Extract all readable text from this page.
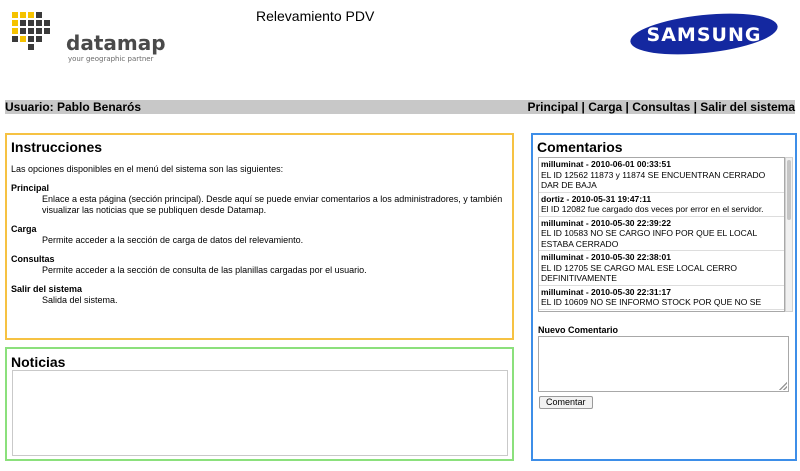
datamap
your geographic partner
Relevamiento PDV
SAMSUNG
Usuario: Pablo Benarós	Principal | Carga | Consultas | Salir del sistema
Instrucciones

Las opciones disponibles en el menú del sistema son las siguientes:

Principal
Enlace a esta página (sección principal). Desde aquí se puede enviar comentarios a los administradores, y también visualizar las noticias que se publiquen desde Datamap.
Carga
Permite acceder a la sección de carga de datos del relevamiento.
Consultas
Permite acceder a la sección de consulta de las planillas cargadas por el usuario.
Salir del sistema
Salida del sistema.
Noticias
Comentarios
milluminat - 2010-06-01 00:33:51
EL ID 12562 11873 y 11874 SE ENCUENTRAN CERRADO DAR DE BAJA
dortiz - 2010-05-31 19:47:11
El ID 12082 fue cargado dos veces por error en el servidor.
milluminat - 2010-05-30 22:39:22
EL ID 10583 NO SE CARGO INFO POR QUE EL LOCAL ESTABA CERRADO
milluminat - 2010-05-30 22:38:01
EL ID 12705 SE CARGO MAL ESE LOCAL CERRO DEFINITIVAMENTE
milluminat - 2010-05-30 22:31:17
EL ID 10609 NO SE INFORMO STOCK POR QUE NO SE
Nuevo Comentario
Comentar
